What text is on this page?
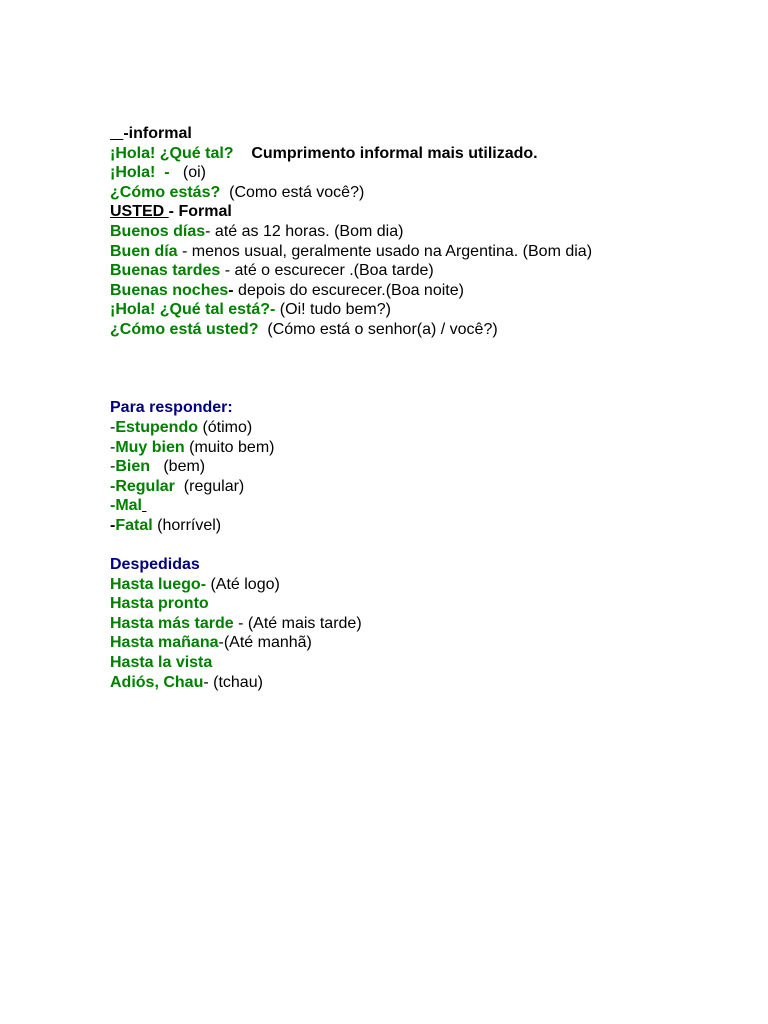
-informal
¡Hola! ¿Qué tal? Cumprimento informal mais utilizado.
¡Hola!  -   (oi)
¿Cómo estás?  (Como está você?)
USTED - Formal
Buenos días- até as 12 horas. (Bom dia)
Buen día - menos usual, geralmente usado na Argentina. (Bom dia)
Buenas tardes - até o escurecer .(Boa tarde)
Buenas noches- depois do escurecer.(Boa noite)
¡Hola! ¿Qué tal está?- (Oi! tudo bem?)
¿Cómo está usted?  (Cómo está o senhor(a) / você?)
Para responder:
-Estupendo (ótimo)
-Muy bien (muito bem)
-Bien   (bem)
-Regular  (regular)
-Mal
-Fatal (horrível)
Despedidas
Hasta luego- (Até logo)
Hasta pronto
Hasta más tarde - (Até mais tarde)
Hasta mañana-(Até manhã)
Hasta la vista
Adiós, Chau- (tchau)
